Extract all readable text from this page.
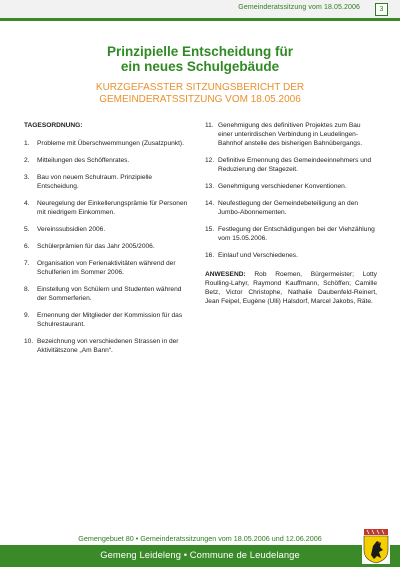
Gemeinderatssitzung vom 18.05.2006	3
Prinzipielle Entscheidung für
ein neues Schulgebäude
KURZGEFASSTER SITZUNGSBERICHT DER
GEMEINDERATSSITZUNG VOM 18.05.2006
TAGESORDNUNG:
1.	Probleme mit Überschwemmungen (Zusatzpunkt).
2.	Mitteilungen des Schöffenrates.
3.	Bau von neuem Schulraum. Prinzipielle Entscheidung.
4.	Neuregelung der Einkellerungsprämie für Personen mit niedrigem Einkommen.
5.	Vereinssubsidien 2006.
6.	Schülerprämien für das Jahr 2005/2006.
7.	Organisation von Ferienaktivitäten während der Schulferien im Sommer 2006.
8.	Einstellung von Schülern und Studenten während der Sommerferien.
9.	Ernennung der Mitglieder der Kommission für das Schulrestaurant.
10. Bezeichnung von verschiedenen Strassen in der Aktivitätszone „Am Bann“.
11. Genehmigung des definitiven Projektes zum Bau einer unterirdischen Verbindung in Leudelingen-Bahnhof anstelle des bisherigen Bahnübergangs.
12. Definitive Ernennung des Gemeindeeinnehmers und Reduzierung der Stagezeit.
13. Genehmigung verschiedener Konventionen.
14. Neufestlegung der Gemeindebeteiligung an den Jumbo-Abonnementen.
15. Festlegung der Entschädigungen bei der Viehzählung vom 15.05.2006.
16. Einlauf und Verschiedenes.
ANWESEND: Rob Roemen, Bürgermeister; Lotty Roulling-Lahyr, Raymond Kauffmann, Schöffen; Camille Betz, Victor Christophe, Nathalie Daubenfeld-Reinert, Jean Feipel, Eugène (Ulli) Halsdorf, Marcel Jakobs, Räte.
Gemengebuet 80 • Gemeinderatssitzungen vom 18.05.2006 und 12.06.2006
Gemeng Leideleng • Commune de Leudelange
